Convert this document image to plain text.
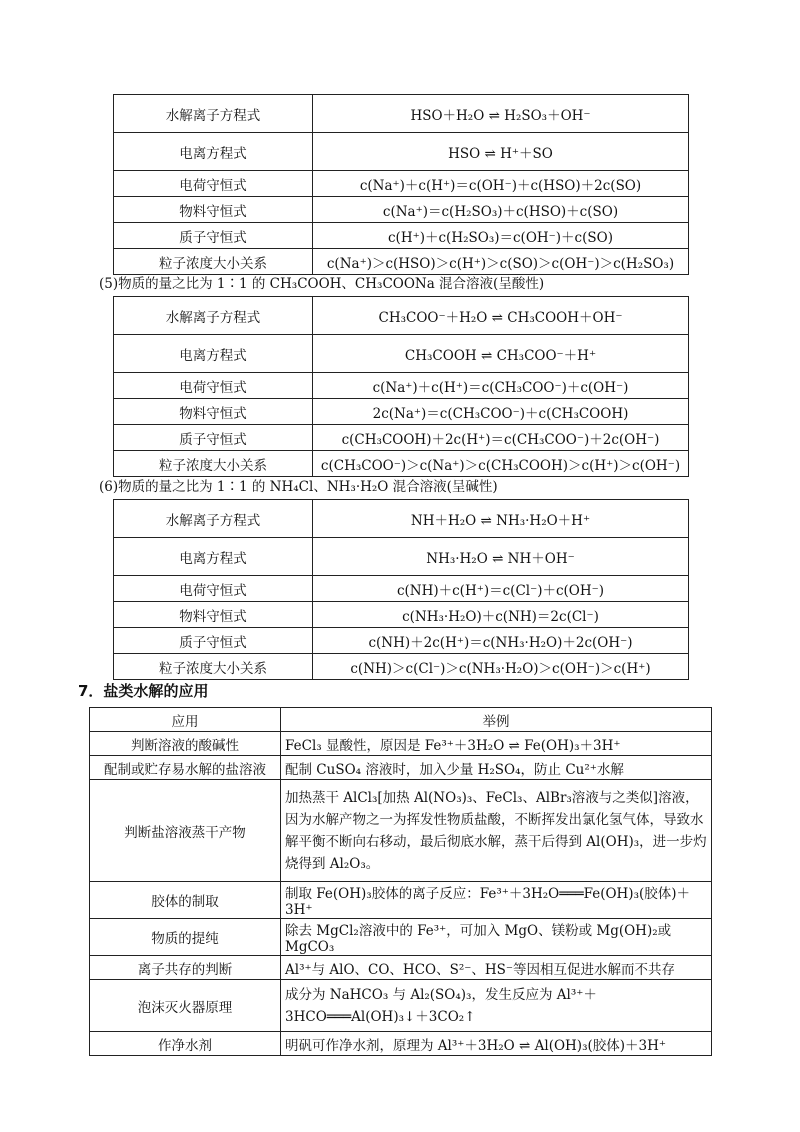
水解离子方程式	HSO＋H₂O ⇌ H₂SO₃＋OH⁻
电离方程式	HSO ⇌ H⁺＋SO
电荷守恒式	c(Na⁺)＋c(H⁺)＝c(OH⁻)＋c(HSO)＋2c(SO)
物料守恒式	c(Na⁺)＝c(H₂SO₃)＋c(HSO)＋c(SO)
质子守恒式	c(H⁺)＋c(H₂SO₃)＝c(OH⁻)＋c(SO)
粒子浓度大小关系	c(Na⁺)＞c(HSO)＞c(H⁺)＞c(SO)＞c(OH⁻)＞c(H₂SO₃)
(5)物质的量之比为 1∶1 的 CH₃COOH、CH₃COONa 混合溶液(呈酸性)
水解离子方程式	CH₃COO⁻＋H₂O ⇌ CH₃COOH＋OH⁻
电离方程式	CH₃COOH ⇌ CH₃COO⁻＋H⁺
电荷守恒式	c(Na⁺)＋c(H⁺)＝c(CH₃COO⁻)＋c(OH⁻)
物料守恒式	2c(Na⁺)＝c(CH₃COO⁻)＋c(CH₃COOH)
质子守恒式	c(CH₃COOH)＋2c(H⁺)＝c(CH₃COO⁻)＋2c(OH⁻)
粒子浓度大小关系	c(CH₃COO⁻)＞c(Na⁺)＞c(CH₃COOH)＞c(H⁺)＞c(OH⁻)
(6)物质的量之比为 1∶1 的 NH₄Cl、NH₃·H₂O 混合溶液(呈碱性)
水解离子方程式	NH＋H₂O ⇌ NH₃·H₂O＋H⁺
电离方程式	NH₃·H₂O ⇌ NH＋OH⁻
电荷守恒式	c(NH)＋c(H⁺)＝c(Cl⁻)＋c(OH⁻)
物料守恒式	c(NH₃·H₂O)＋c(NH)＝2c(Cl⁻)
质子守恒式	c(NH)＋2c(H⁺)＝c(NH₃·H₂O)＋2c(OH⁻)
粒子浓度大小关系	c(NH)＞c(Cl⁻)＞c(NH₃·H₂O)＞c(OH⁻)＞c(H⁺)
7．盐类水解的应用
应用	举例
判断溶液的酸碱性	FeCl₃ 显酸性，原因是 Fe³⁺＋3H₂O ⇌ Fe(OH)₃＋3H⁺
配制或贮存易水解的盐溶液	配制 CuSO₄ 溶液时，加入少量 H₂SO₄，防止 Cu²⁺水解
判断盐溶液蒸干产物	加热蒸干 AlCl₃[加热 Al(NO₃)₃、FeCl₃、AlBr₃溶液与之类似]溶液，因为水解产物之一为挥发性物质盐酸，不断挥发出氯化氢气体，导致水解平衡不断向右移动，最后彻底水解，蒸干后得到 Al(OH)₃，进一步灼烧得到 Al₂O₃。
胶体的制取	制取 Fe(OH)₃胶体的离子反应：Fe³⁺＋3H₂O═══Fe(OH)₃(胶体)＋3H⁺
物质的提纯	除去 MgCl₂溶液中的 Fe³⁺，可加入 MgO、镁粉或 Mg(OH)₂或 MgCO₃
离子共存的判断	Al³⁺与 AlO、CO、HCO、S²⁻、HS⁻等因相互促进水解而不共存
泡沫灭火器原理	成分为 NaHCO₃ 与 Al₂(SO₄)₃，发生反应为 Al³⁺＋3HCO═══Al(OH)₃↓＋3CO₂↑
作净水剂	明矾可作净水剂，原理为 Al³⁺＋3H₂O ⇌ Al(OH)₃(胶体)＋3H⁺
